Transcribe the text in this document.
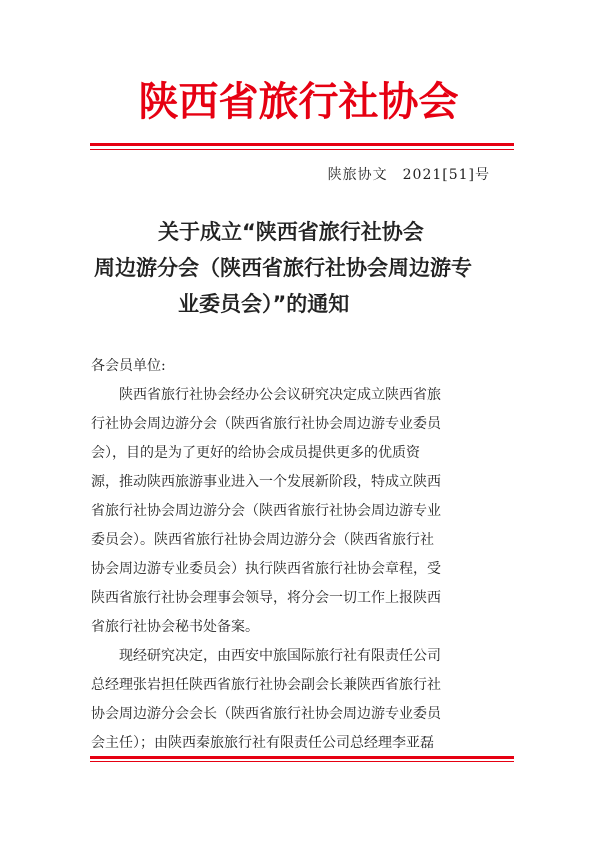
陕西省旅行社协会
陕旅协文　2021[51]号
关于成立“陕西省旅行社协会
周边游分会（陕西省旅行社协会周边游专
业委员会）”的通知
各会员单位:
陕西省旅行社协会经办公会议研究决定成立陕西省旅
行社协会周边游分会（陕西省旅行社协会周边游专业委员
会），目的是为了更好的给协会成员提供更多的优质资
源，推动陕西旅游事业进入一个发展新阶段，特成立陕西
省旅行社协会周边游分会（陕西省旅行社协会周边游专业
委员会）。陕西省旅行社协会周边游分会（陕西省旅行社
协会周边游专业委员会）执行陕西省旅行社协会章程，受
陕西省旅行社协会理事会领导，将分会一切工作上报陕西
省旅行社协会秘书处备案。
现经研究决定，由西安中旅国际旅行社有限责任公司
总经理张岩担任陕西省旅行社协会副会长兼陕西省旅行社
协会周边游分会会长（陕西省旅行社协会周边游专业委员
会主任）；由陕西秦旅旅行社有限责任公司总经理李亚磊
